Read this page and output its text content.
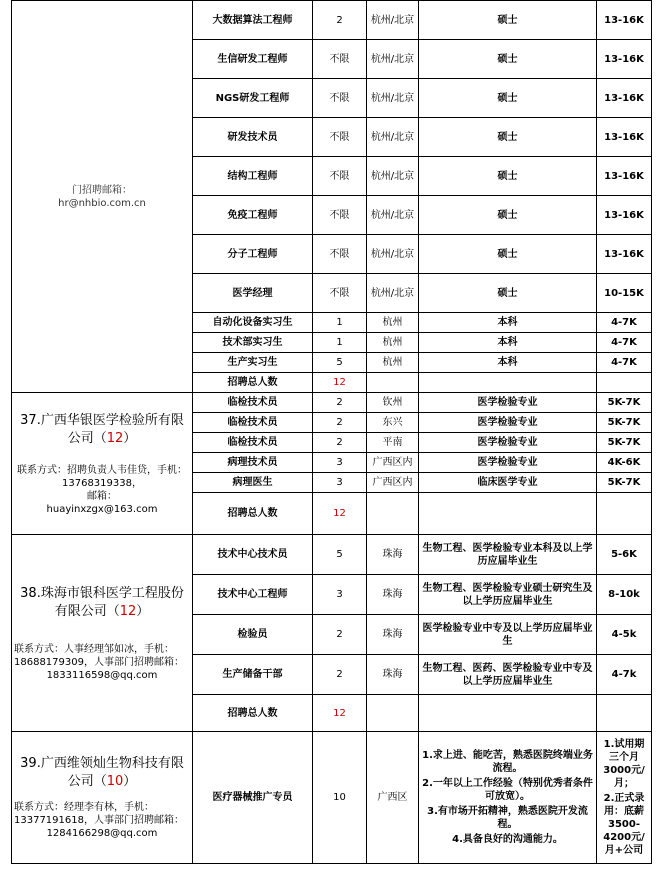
门招聘邮箱：
hr@nhbio.com.cn	大数据算法工程师	2	杭州/北京	硕士	13-16K
	生信研发工程师	不限	杭州/北京	硕士	13-16K
	NGS研发工程师	不限	杭州/北京	硕士	13-16K
	研发技术员	不限	杭州/北京	硕士	13-16K
	结构工程师	不限	杭州/北京	硕士	13-16K
	免疫工程师	不限	杭州/北京	硕士	13-16K
	分子工程师	不限	杭州/北京	硕士	13-16K
	医学经理	不限	杭州/北京	硕士	10-15K
	自动化设备实习生	1	杭州	本科	4-7K
	技术部实习生	1	杭州	本科	4-7K
	生产实习生	5	杭州	本科	4-7K
	招聘总人数	12			

37.广西华银医学检验所有限公司（12）
联系方式：招聘负责人韦佳贷，手机：13768319338，
邮箱：
huayinxzgx@163.com	临检技术员	2	钦州	医学检验专业	5K-7K
	临检技术员	2	东兴	医学检验专业	5K-7K
	临检技术员	2	平南	医学检验专业	5K-7K
	病理技术员	3	广西区内	医学检验专业	4K-6K
	病理医生	3	广西区内	临床医学专业	5K-7K
	招聘总人数	12			

38.珠海市银科医学工程股份有限公司（12）
联系方式：人事经理邹如冰，手机：18688179309，人事部门招聘邮箱：
1833116598@qq.com	技术中心技术员	5	珠海	生物工程、医学检验专业本科及以上学历应届毕业生	5-6K
	技术中心工程师	3	珠海	生物工程、医学检验专业硕士研究生及以上学历应届毕业生	8-10k
	检验员	2	珠海	医学检验专业中专及以上学历应届毕业生	4-5k
	生产储备干部	2	珠海	生物工程、医药、医学检验专业中专及以上学历应届毕业生	4-7k
	招聘总人数	12			

39.广西维领灿生物科技有限公司（10）
联系方式：经理李有林，手机：13377191618，人事部门招聘邮箱：
1284166298@qq.com	医疗器械推广专员	10	广西区	1.求上进、能吃苦，熟悉医院终端业务流程。
2.一年以上工作经验（特别优秀者条件可放宽）。
3.有市场开拓精神，熟悉医院开发流程。
4.具备良好的沟通能力。	1.试用期三个月3000元/月；
2.正式录用：底薪3500-4200元/月+公司
